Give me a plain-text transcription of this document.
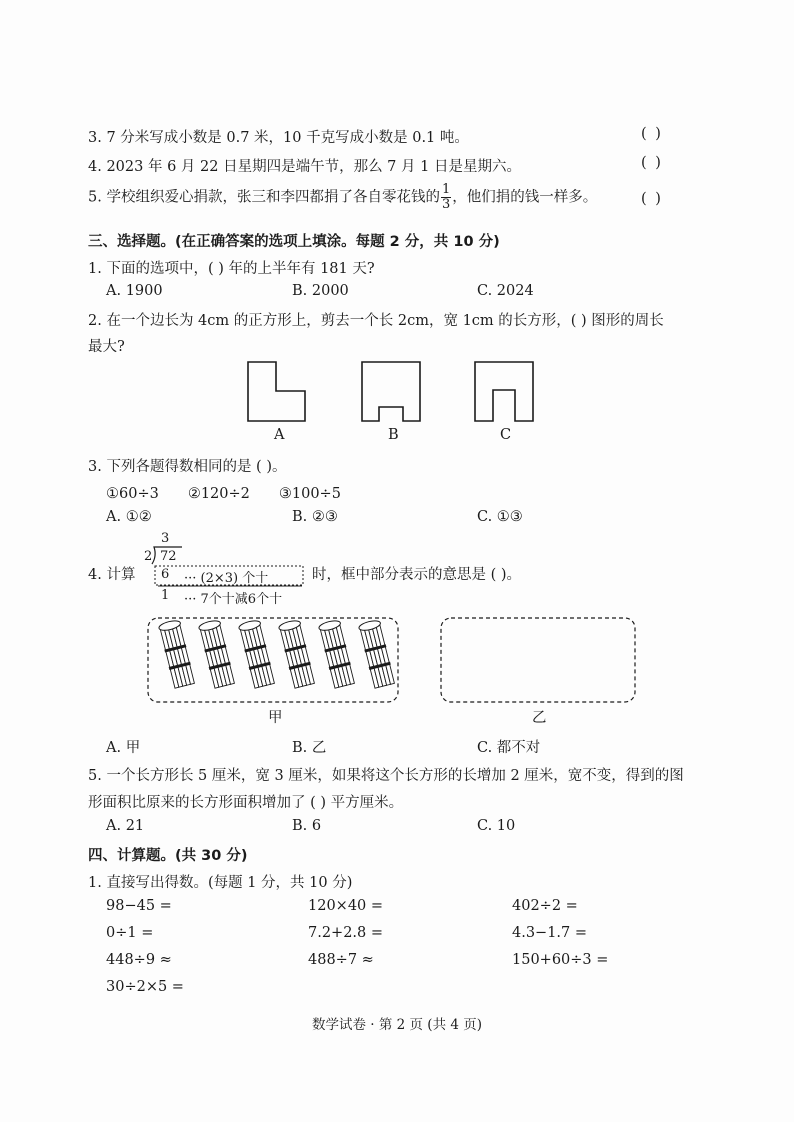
3. 7 分米写成小数是 0.7 米，10 千克写成小数是 0.1 吨。	( )
4. 2023 年 6 月 22 日星期四是端午节，那么 7 月 1 日是星期六。	( )
5. 学校组织爱心捐款，张三和李四都捐了各自零花钱的 $\frac{1}{3}$ ，他们捐的钱一样多。	( )
三、选择题。(在正确答案的选项上填涂。每题 2 分，共 10 分)
1. 下面的选项中，( ) 年的上半年有 181 天?
A. 1900	B. 2000	C. 2024
2. 在一个边长为 4cm 的正方形上，剪去一个长 2cm，宽 1cm 的长方形，( ) 图形的周长
最大?
A	B	C
3. 下列各题得数相同的是 ( )。
①60÷3　　②120÷2　　③100÷5
A. ①②	B. ②③	C. ①③
4. 计算
3
2 72
6 ··· (2×3) 个十
1 ··· 7个十减6个十
时，框中部分表示的意思是 ( )。
甲	乙
A. 甲	B. 乙	C. 都不对
5. 一个长方形长 5 厘米，宽 3 厘米，如果将这个长方形的长增加 2 厘米，宽不变，得到的图
形面积比原来的长方形面积增加了 ( ) 平方厘米。
A. 21	B. 6	C. 10
四、计算题。(共 30 分)
1. 直接写出得数。(每题 1 分，共 10 分)
98−45 =	120×40 =	402÷2 =
0÷1 =	7.2+2.8 =	4.3−1.7 =
448÷9 ≈	488÷7 ≈	150+60÷3 =
30÷2×5 =
数学试卷 · 第 2 页 (共 4 页)
